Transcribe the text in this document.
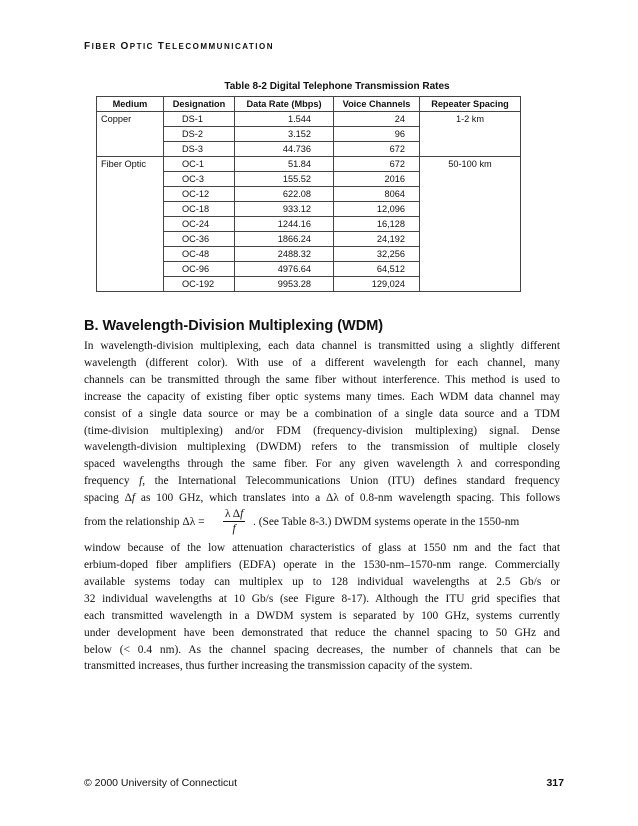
FIBER OPTIC TELECOMMUNICATION
Table 8-2 Digital Telephone Transmission Rates
Medium	Designation	Data Rate (Mbps)	Voice Channels	Repeater Spacing
Copper	DS-1	1.544	24	1-2 km
	DS-2	3.152	96	
	DS-3	44.736	672	
Fiber Optic	OC-1	51.84	672	50-100 km
	OC-3	155.52	2016	
	OC-12	622.08	8064	
	OC-18	933.12	12,096	
	OC-24	1244.16	16,128	
	OC-36	1866.24	24,192	
	OC-48	2488.32	32,256	
	OC-96	4976.64	64,512	
	OC-192	9953.28	129,024	
B. Wavelength-Division Multiplexing (WDM)

In wavelength-division multiplexing, each data channel is transmitted using a slightly different

wavelength (different color). With use of a different wavelength for each channel, many

channels can be transmitted through the same fiber without interference. This method is used to

increase the capacity of existing fiber optic systems many times. Each WDM data channel may

consist of a single data source or may be a combination of a single data source and a TDM

(time-division multiplexing) and/or FDM (frequency-division multiplexing) signal. Dense

wavelength-division multiplexing (DWDM) refers to the transmission of multiple closely

spaced wavelengths through the same fiber. For any given wavelength λ and corresponding

frequency f, the International Telecommunications Union (ITU) defines standard frequency

spacing Δf as 100 GHz, which translates into a Δλ of 0.8-nm wavelength spacing. This follows

from the relationship $\Delta\lambda = \frac{\text{λ Δf}}{f}$ . (See Table 8-3.) DWDM systems operate in the 1550-nm

window because of the low attenuation characteristics of glass at 1550 nm and the fact that

erbium-doped fiber amplifiers (EDFA) operate in the 1530-nm–1570-nm range. Commercially

available systems today can multiplex up to 128 individual wavelengths at 2.5 Gb/s or

32 individual wavelengths at 10 Gb/s (see Figure 8-17). Although the ITU grid specifies that

each transmitted wavelength in a DWDM system is separated by 100 GHz, systems currently

under development have been demonstrated that reduce the channel spacing to 50 GHz and

below (< 0.4 nm). As the channel spacing decreases, the number of channels that can be

transmitted increases, thus further increasing the transmission capacity of the system.

© 2000 University of Connecticut	317
